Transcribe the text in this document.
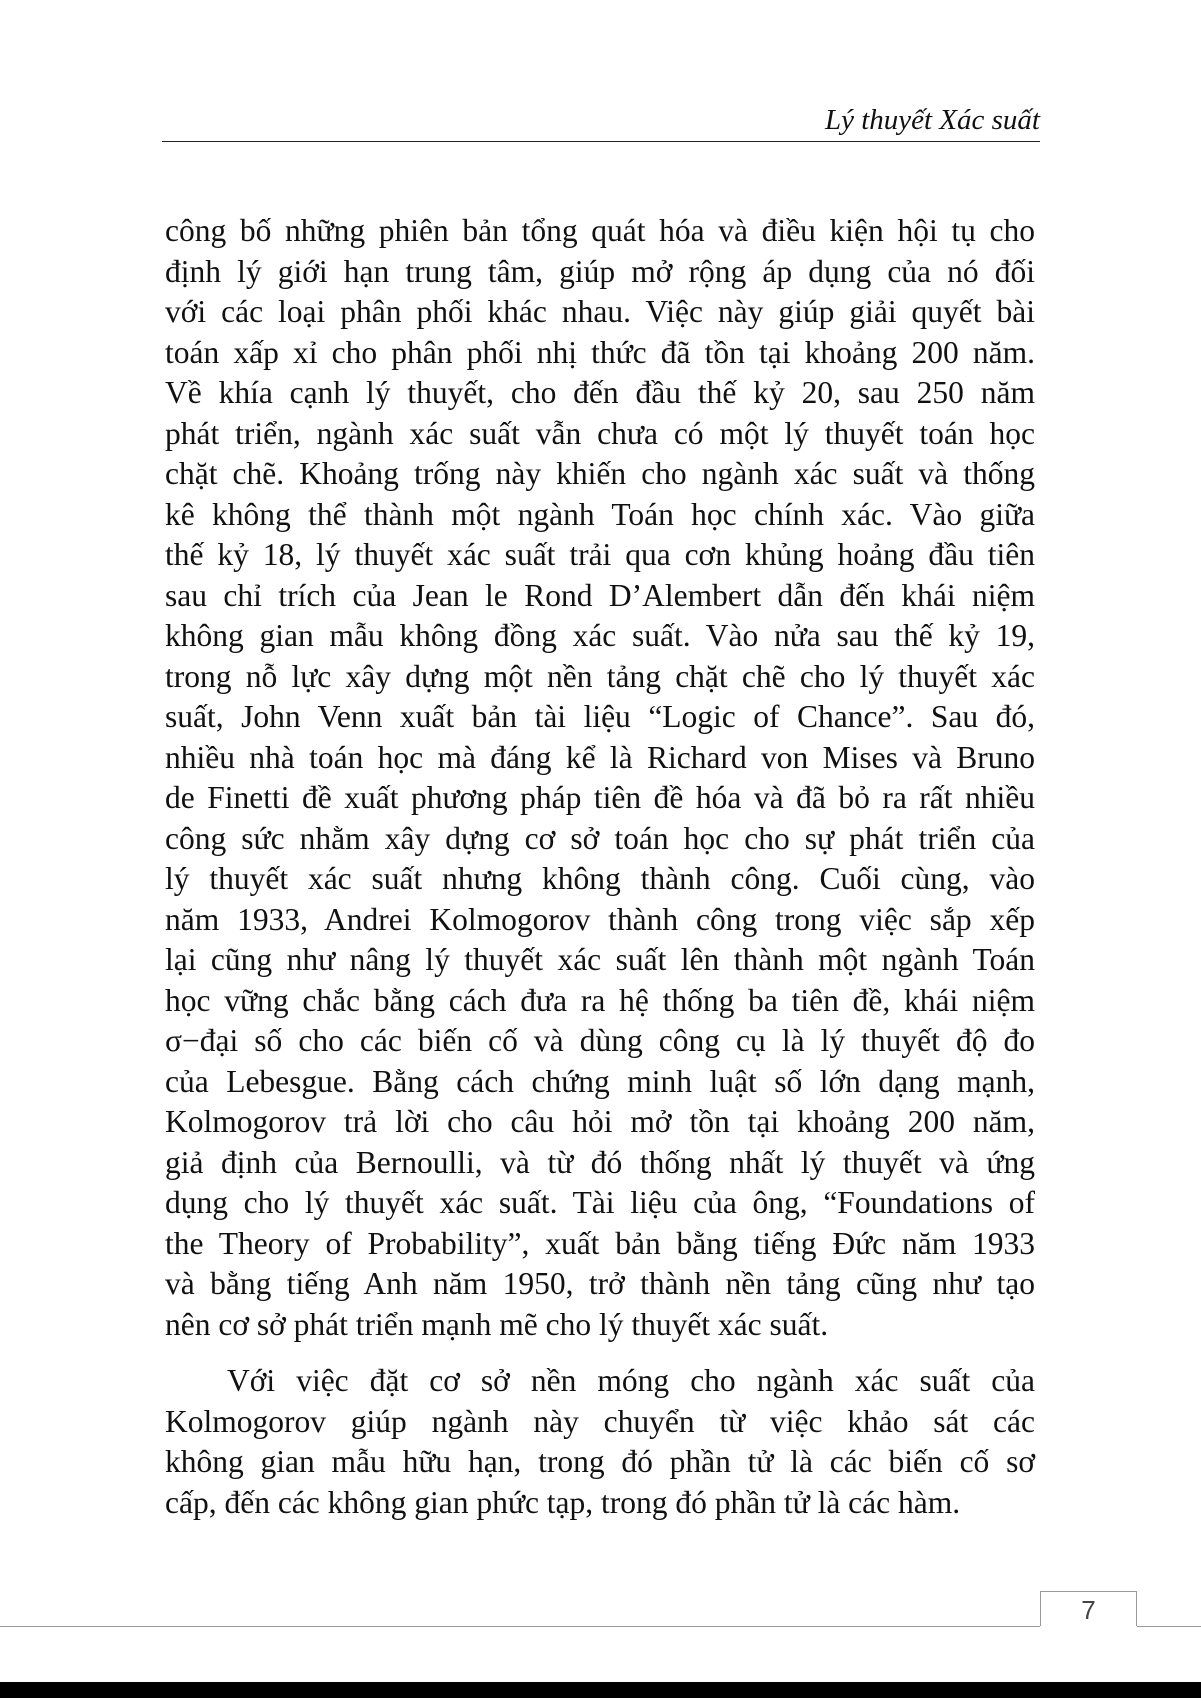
Lý thuyết Xác suất
công bố những phiên bản tổng quát hóa và điều kiện hội tụ cho
định lý giới hạn trung tâm, giúp mở rộng áp dụng của nó đối
với các loại phân phối khác nhau. Việc này giúp giải quyết bài
toán xấp xỉ cho phân phối nhị thức đã tồn tại khoảng 200 năm.
Về khía cạnh lý thuyết, cho đến đầu thế kỷ 20, sau 250 năm
phát triển, ngành xác suất vẫn chưa có một lý thuyết toán học
chặt chẽ. Khoảng trống này khiến cho ngành xác suất và thống
kê không thể thành một ngành Toán học chính xác. Vào giữa
thế kỷ 18, lý thuyết xác suất trải qua cơn khủng hoảng đầu tiên
sau chỉ trích của Jean le Rond D’Alembert dẫn đến khái niệm
không gian mẫu không đồng xác suất. Vào nửa sau thế kỷ 19,
trong nỗ lực xây dựng một nền tảng chặt chẽ cho lý thuyết xác
suất, John Venn xuất bản tài liệu “Logic of Chance”. Sau đó,
nhiều nhà toán học mà đáng kể là Richard von Mises và Bruno
de Finetti đề xuất phương pháp tiên đề hóa và đã bỏ ra rất nhiều
công sức nhằm xây dựng cơ sở toán học cho sự phát triển của
lý thuyết xác suất nhưng không thành công. Cuối cùng, vào
năm 1933, Andrei Kolmogorov thành công trong việc sắp xếp
lại cũng như nâng lý thuyết xác suất lên thành một ngành Toán
học vững chắc bằng cách đưa ra hệ thống ba tiên đề, khái niệm
σ−đại số cho các biến cố và dùng công cụ là lý thuyết độ đo
của Lebesgue. Bằng cách chứng minh luật số lớn dạng mạnh,
Kolmogorov trả lời cho câu hỏi mở tồn tại khoảng 200 năm,
giả định của Bernoulli, và từ đó thống nhất lý thuyết và ứng
dụng cho lý thuyết xác suất. Tài liệu của ông, “Foundations of
the Theory of Probability”, xuất bản bằng tiếng Đức năm 1933
và bằng tiếng Anh năm 1950, trở thành nền tảng cũng như tạo
nên cơ sở phát triển mạnh mẽ cho lý thuyết xác suất.
Với việc đặt cơ sở nền móng cho ngành xác suất của
Kolmogorov giúp ngành này chuyển từ việc khảo sát các
không gian mẫu hữu hạn, trong đó phần tử là các biến cố sơ
cấp, đến các không gian phức tạp, trong đó phần tử là các hàm.
7
